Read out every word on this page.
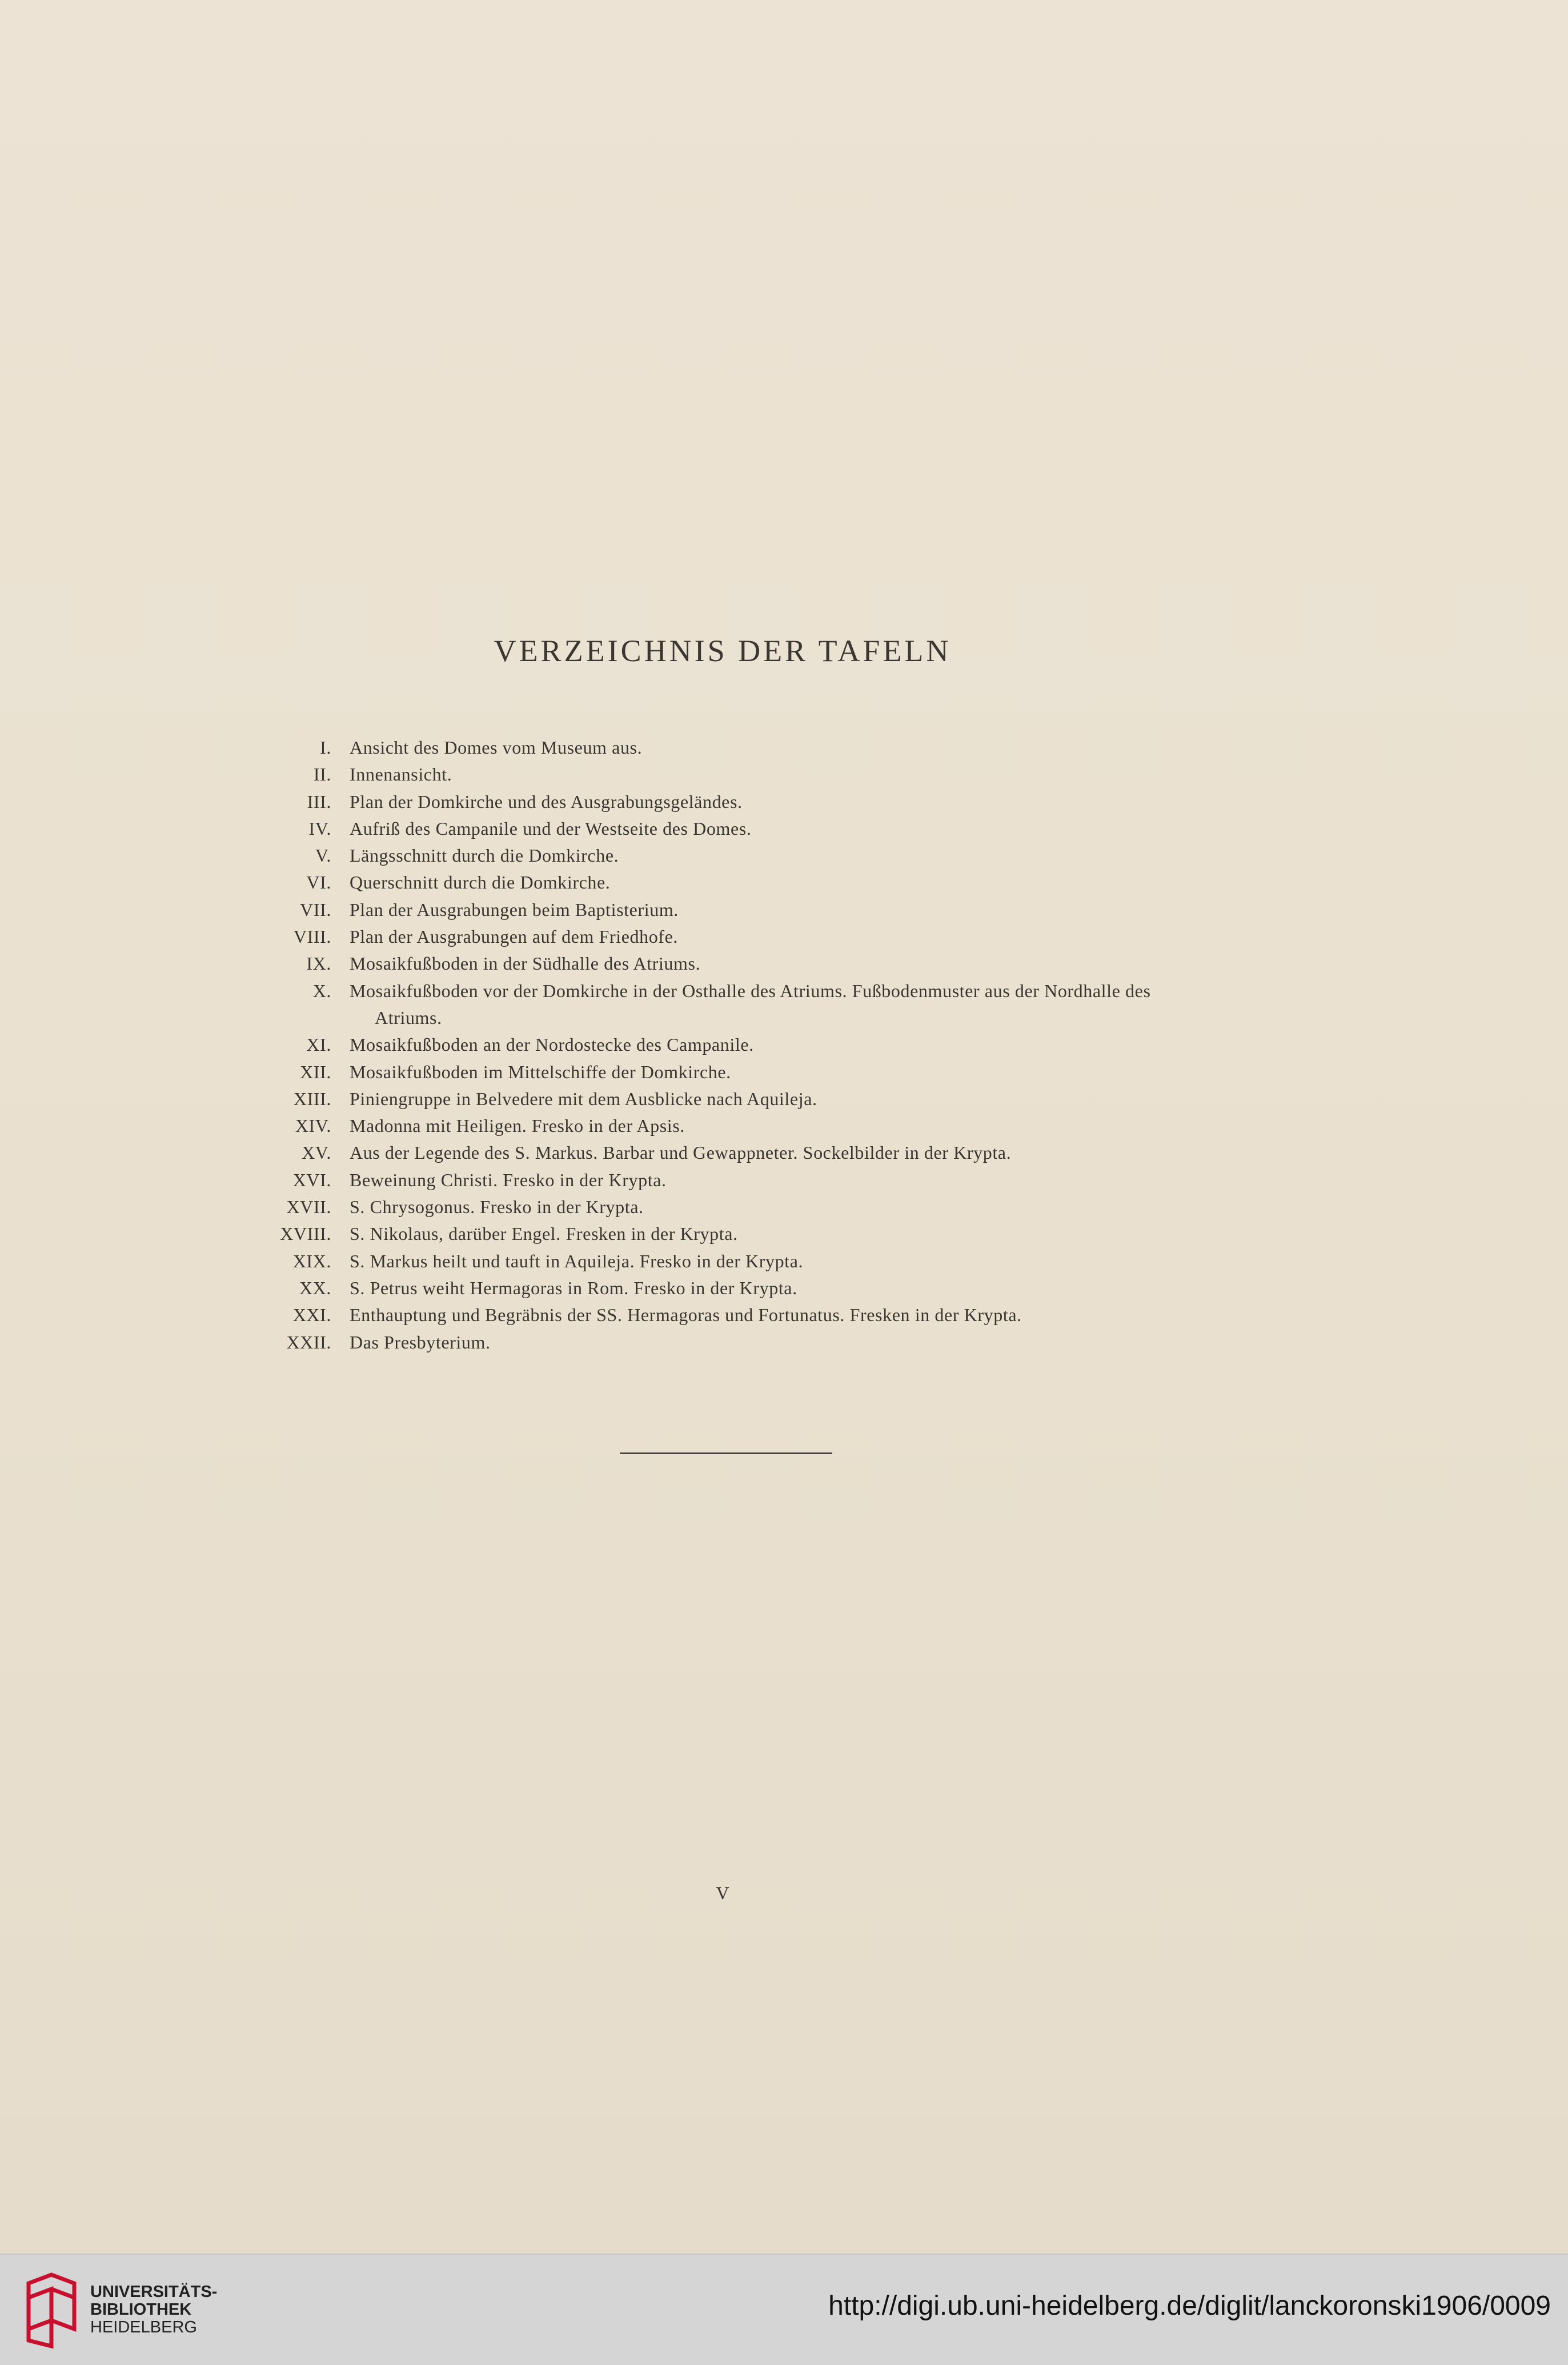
VERZEICHNIS DER TAFELN
I. Ansicht des Domes vom Museum aus.
II. Innenansicht.
III. Plan der Domkirche und des Ausgrabungsgeländes.
IV. Aufriß des Campanile und der Westseite des Domes.
V. Längsschnitt durch die Domkirche.
VI. Querschnitt durch die Domkirche.
VII. Plan der Ausgrabungen beim Baptisterium.
VIII. Plan der Ausgrabungen auf dem Friedhofe.
IX. Mosaikfußboden in der Südhalle des Atriums.
X. Mosaikfußboden vor der Domkirche in der Osthalle des Atriums. Fußbodenmuster aus der Nordhalle des Atriums.
XI. Mosaikfußboden an der Nordostecke des Campanile.
XII. Mosaikfußboden im Mittelschiffe der Domkirche.
XIII. Piniengruppe in Belvedere mit dem Ausblicke nach Aquileja.
XIV. Madonna mit Heiligen. Fresko in der Apsis.
XV. Aus der Legende des S. Markus. Barbar und Gewappneter. Sockelbilder in der Krypta.
XVI. Beweinung Christi. Fresko in der Krypta.
XVII. S. Chrysogonus. Fresko in der Krypta.
XVIII. S. Nikolaus, darüber Engel. Fresken in der Krypta.
XIX. S. Markus heilt und tauft in Aquileja. Fresko in der Krypta.
XX. S. Petrus weiht Hermagoras in Rom. Fresko in der Krypta.
XXI. Enthauptung und Begräbnis der SS. Hermagoras und Fortunatus. Fresken in der Krypta.
XXII. Das Presbyterium.
V
UNIVERSITÄTS-
BIBLIOTHEK
HEIDELBERG
http://digi.ub.uni-heidelberg.de/diglit/lanckoronski1906/0009
